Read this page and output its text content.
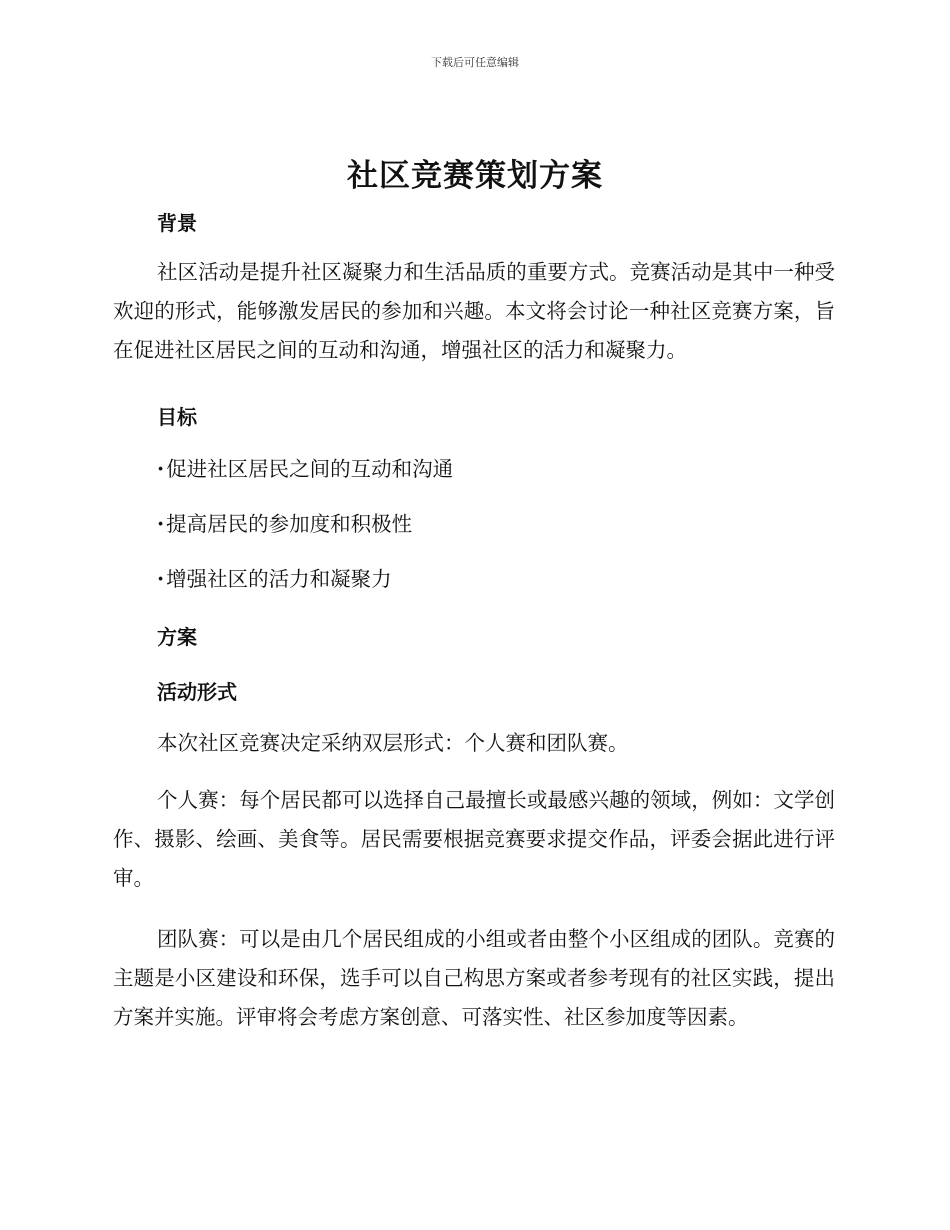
下载后可任意编辑
社区竞赛策划方案
背景

社区活动是提升社区凝聚力和生活品质的重要方式。竞赛活动是其中一种受欢迎的形式，能够激发居民的参加和兴趣。本文将会讨论一种社区竞赛方案，旨在促进社区居民之间的互动和沟通，增强社区的活力和凝聚力。

目标
·促进社区居民之间的互动和沟通
·提高居民的参加度和积极性
·增强社区的活力和凝聚力
方案
活动形式

本次社区竞赛决定采纳双层形式：个人赛和团队赛。

个人赛：每个居民都可以选择自己最擅长或最感兴趣的领域，例如：文学创作、摄影、绘画、美食等。居民需要根据竞赛要求提交作品，评委会据此进行评审。

团队赛：可以是由几个居民组成的小组或者由整个小区组成的团队。竞赛的主题是小区建设和环保，选手可以自己构思方案或者参考现有的社区实践，提出方案并实施。评审将会考虑方案创意、可落实性、社区参加度等因素。
